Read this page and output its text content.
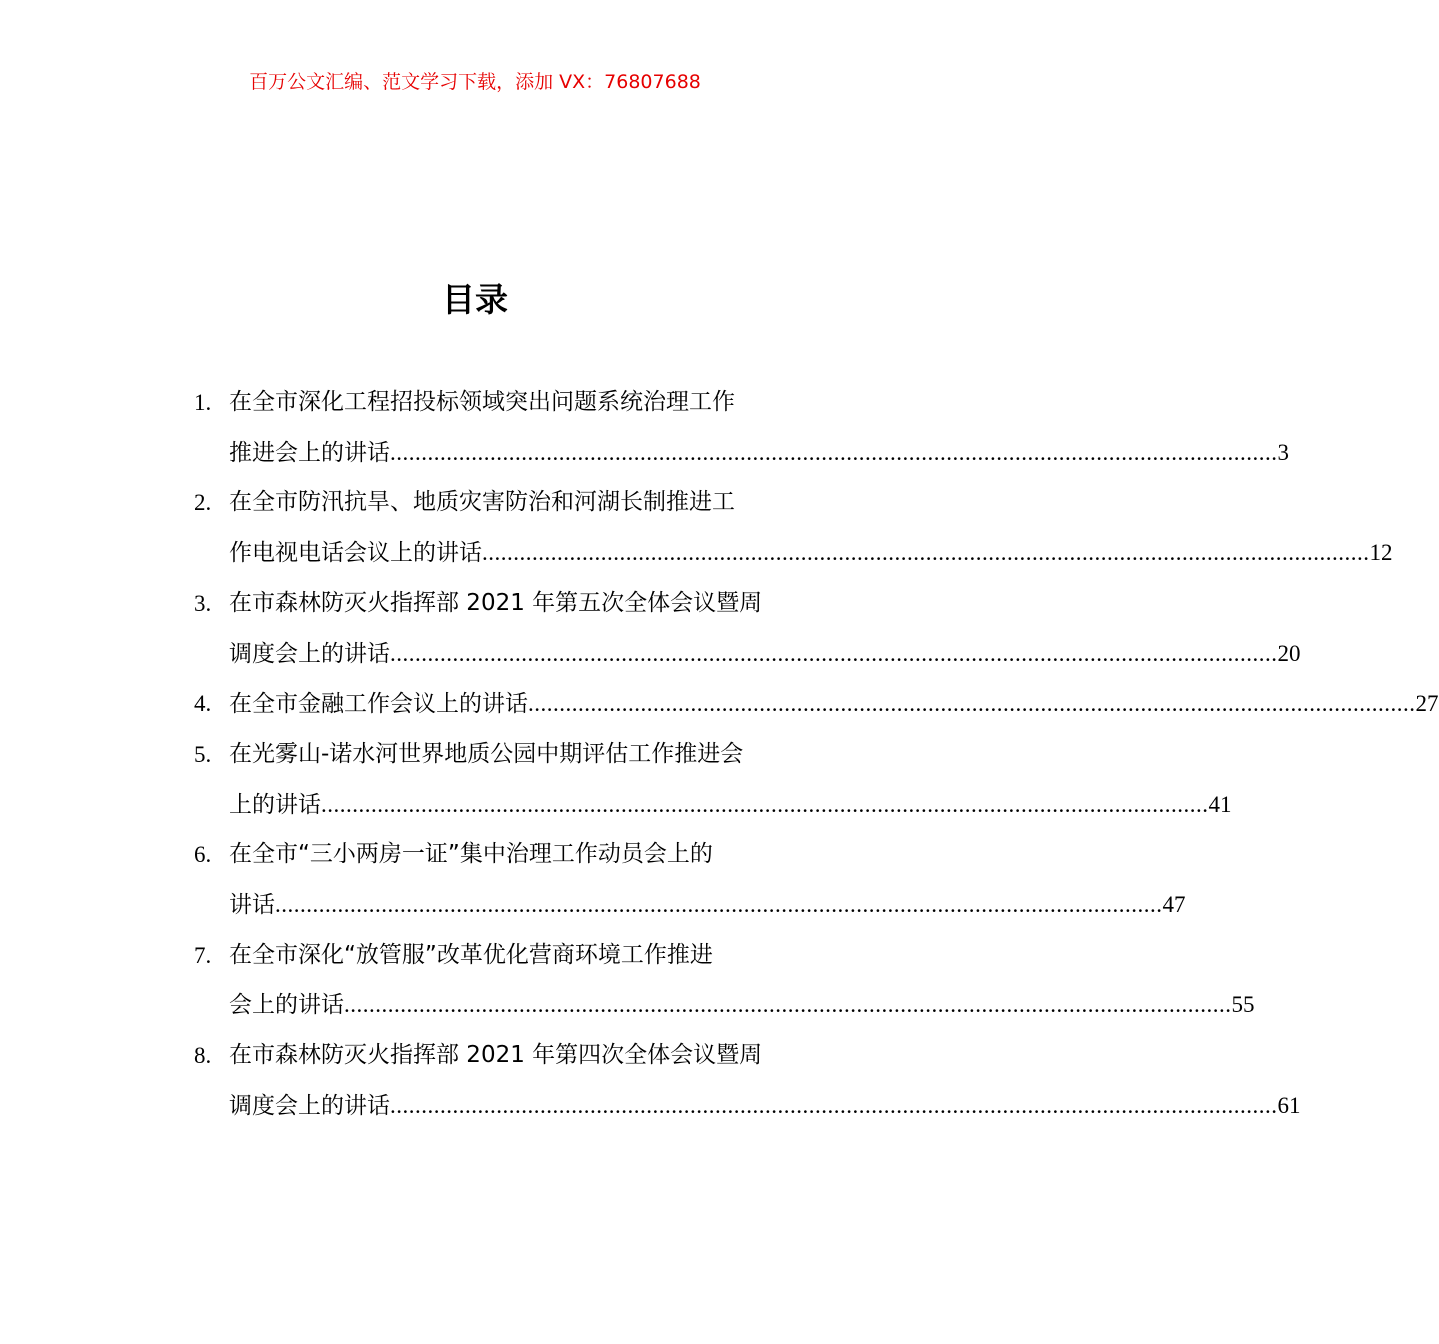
百万公文汇编、范文学习下载，添加 VX：76807688
目录
1. 在全市深化工程招投标领域突出问题系统治理工作
推进会上的讲话 .............................................................................................................................................. 3
2. 在全市防汛抗旱、地质灾害防治和河湖长制推进工
作电视电话会议上的讲话 .............................................................................................................................................. 12
3. 在市森林防灭火指挥部 2021 年第五次全体会议暨周
调度会上的讲话 .............................................................................................................................................. 20
4. 在全市金融工作会议上的讲话 .............................................................................................................................................. 27
5. 在光雾山-诺水河世界地质公园中期评估工作推进会
上的讲话 .............................................................................................................................................. 41
6. 在全市“三小两房一证”集中治理工作动员会上的
讲话 .............................................................................................................................................. 47
7. 在全市深化“放管服”改革优化营商环境工作推进
会上的讲话 .............................................................................................................................................. 55
8. 在市森林防灭火指挥部 2021 年第四次全体会议暨周
调度会上的讲话 .............................................................................................................................................. 61
